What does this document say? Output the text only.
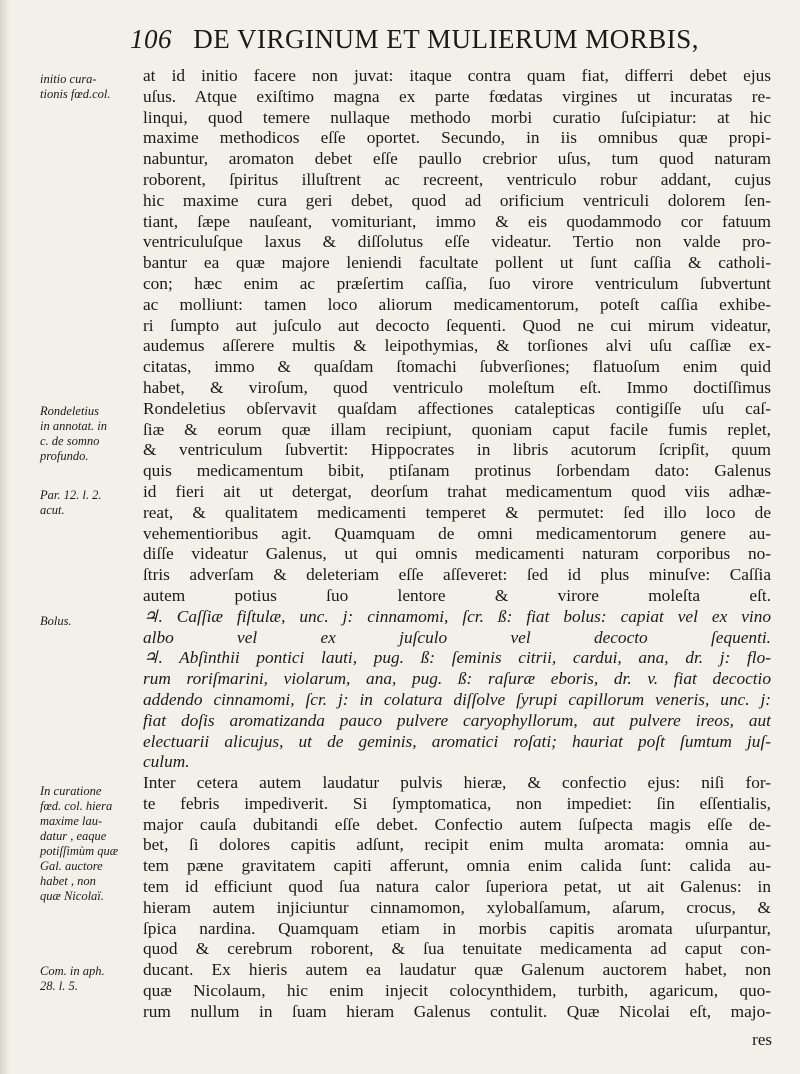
106 DE VIRGINUM ET MULIERUM MORBIS,
initio cura-
tionis fœd.col.
Rondeletius
in annotat. in
c. de somno
profundo.
Par. 12. l. 2.
acut.
Bolus.
In curatione
fœd. col. hiera
maxime lau-
datur , eaque
potiſſimùm quæ
Gal. auctore
habet , non
quæ Nicolaï.
Com. in aph.
28. l. 5.
at id initio facere non juvat: itaque contra quam fiat, differri debet ejus
uſus. Atque exiſtimo magna ex parte fœdatas virgines ut incuratas re-
linqui, quod temere nullaque methodo morbi curatio ſuſcipiatur: at hic
maxime methodicos eſſe oportet. Secundo, in iis omnibus quæ propi-
nabuntur, aromaton debet eſſe paullo crebrior uſus, tum quod naturam
roborent, ſpiritus illuſtrent ac recreent, ventriculo robur addant, cujus
hic maxime cura geri debet, quod ad orificium ventriculi dolorem ſen-
tiant, ſæpe nauſeant, vomituriant, immo & eis quodammodo cor fatuum
ventriculuſque laxus & diſſolutus eſſe videatur. Tertio non valde pro-
bantur ea quæ majore leniendi facultate pollent ut ſunt caſſia & catholi-
con; hæc enim ac præſertim caſſia, ſuo virore ventriculum ſubvertunt
ac molliunt: tamen loco aliorum medicamentorum, poteſt caſſia exhibe-
ri ſumpto aut juſculo aut decocto ſequenti. Quod ne cui mirum videatur,
audemus aſſerere multis & leipothymias, & torſiones alvi uſu caſſiæ ex-
citatas, immo & quaſdam ſtomachi ſubverſiones; flatuoſum enim quid
habet, & viroſum, quod ventriculo moleſtum eſt. Immo doctiſſimus
Rondeletius obſervavit quaſdam affectiones catalepticas contigiſſe uſu caſ-
ſiæ & eorum quæ illam recipiunt, quoniam caput facile fumis replet,
& ventriculum ſubvertit: Hippocrates in libris acutorum ſcripſit, quum
quis medicamentum bibit, ptiſanam protinus ſorbendam dato: Galenus
id fieri ait ut detergat, deorſum trahat medicamentum quod viis adhæ-
reat, & qualitatem medicamenti temperet & permutet: ſed illo loco de
vehementioribus agit. Quamquam de omni medicamentorum genere au-
diſſe videatur Galenus, ut qui omnis medicamenti naturam corporibus no-
ſtris adverſam & deleteriam eſſe aſſeveret: ſed id plus minuſve: Caſſia
autem potius ſuo lentore & virore moleſta eſt.
♃. Caſſiæ fiſtulæ, unc. j: cinnamomi, ſcr. ß: fiat bolus: capiat vel ex vino
albo vel ex juſculo vel decocto ſequenti.
♃. Abſinthii pontici lauti, pug. ß: ſeminis citrii, cardui, ana, dr. j: flo-
rum roriſmarini, violarum, ana, pug. ß: raſuræ eboris, dr. v. fiat decoctio
addendo cinnamomi, ſcr. j: in colatura diſſolve ſyrupi capillorum veneris, unc. j:
fiat doſis aromatizanda pauco pulvere caryophyllorum, aut pulvere ireos, aut
electuarii alicujus, ut de geminis, aromatici roſati; hauriat poſt ſumtum juſ-
culum.
Inter cetera autem laudatur pulvis hieræ, & confectio ejus: niſi for-
te febris impediverit. Si ſymptomatica, non impediet: ſin eſſentialis,
major cauſa dubitandi eſſe debet. Confectio autem ſuſpecta magis eſſe de-
bet, ſi dolores capitis adſunt, recipit enim multa aromata: omnia au-
tem pæne gravitatem capiti afferunt, omnia enim calida ſunt: calida au-
tem id efficiunt quod ſua natura calor ſuperiora petat, ut ait Galenus: in
hieram autem injiciuntur cinnamomon, xylobalſamum, aſarum, crocus, &
ſpica nardina. Quamquam etiam in morbis capitis aromata uſurpantur,
quod & cerebrum roborent, & ſua tenuitate medicamenta ad caput con-
ducant. Ex hieris autem ea laudatur quæ Galenum auctorem habet, non
quæ Nicolaum, hic enim injecit colocynthidem, turbith, agaricum, quo-
rum nullum in ſuam hieram Galenus contulit. Quæ Nicolai eſt, majo-
res
